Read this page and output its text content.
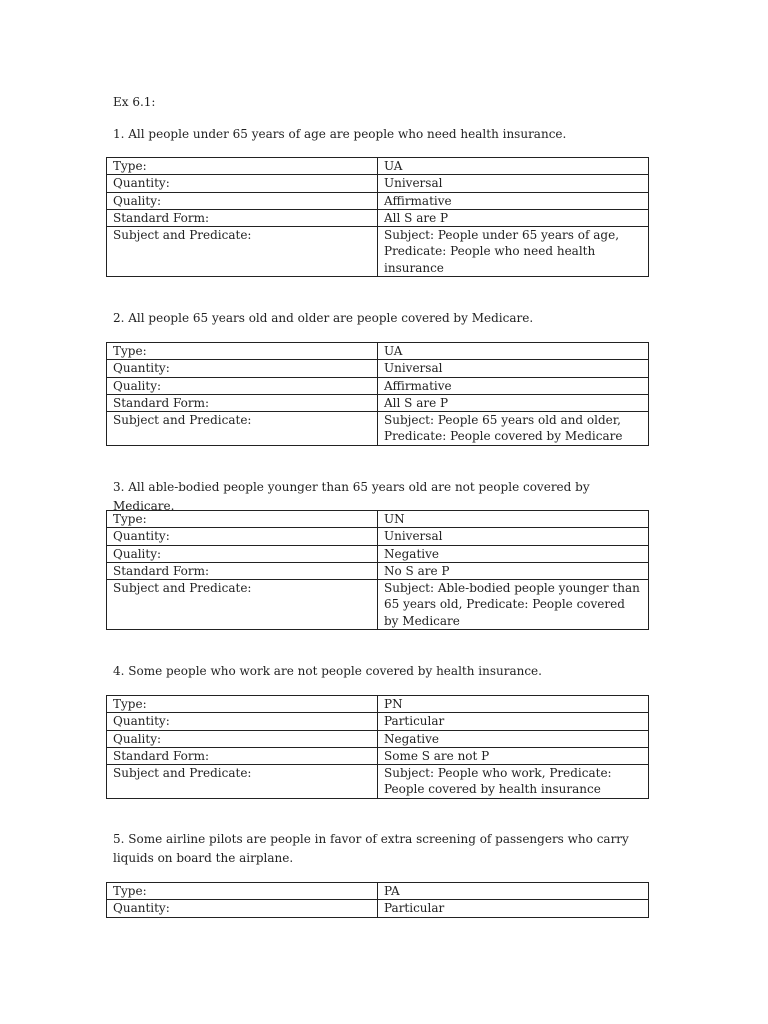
Ex 6.1:
1. All people under 65 years of age are people who need health insurance.
Type:	UA
Quantity:	Universal
Quality:	Affirmative
Standard Form:	All S are P
Subject and Predicate:	Subject: People under 65 years of age, Predicate: People who need health insurance
2. All people 65 years old and older are people covered by Medicare.
Type:	UA
Quantity:	Universal
Quality:	Affirmative
Standard Form:	All S are P
Subject and Predicate:	Subject: People 65 years old and older, Predicate: People covered by Medicare
3. All able-bodied people younger than 65 years old are not people covered by Medicare.
Type:	UN
Quantity:	Universal
Quality:	Negative
Standard Form:	No S are P
Subject and Predicate:	Subject: Able-bodied people younger than 65 years old, Predicate: People covered by Medicare
4. Some people who work are not people covered by health insurance.
Type:	PN
Quantity:	Particular
Quality:	Negative
Standard Form:	Some S are not P
Subject and Predicate:	Subject: People who work, Predicate: People covered by health insurance
5. Some airline pilots are people in favor of extra screening of passengers who carry liquids on board the airplane.
Type:	PA
Quantity:	Particular
